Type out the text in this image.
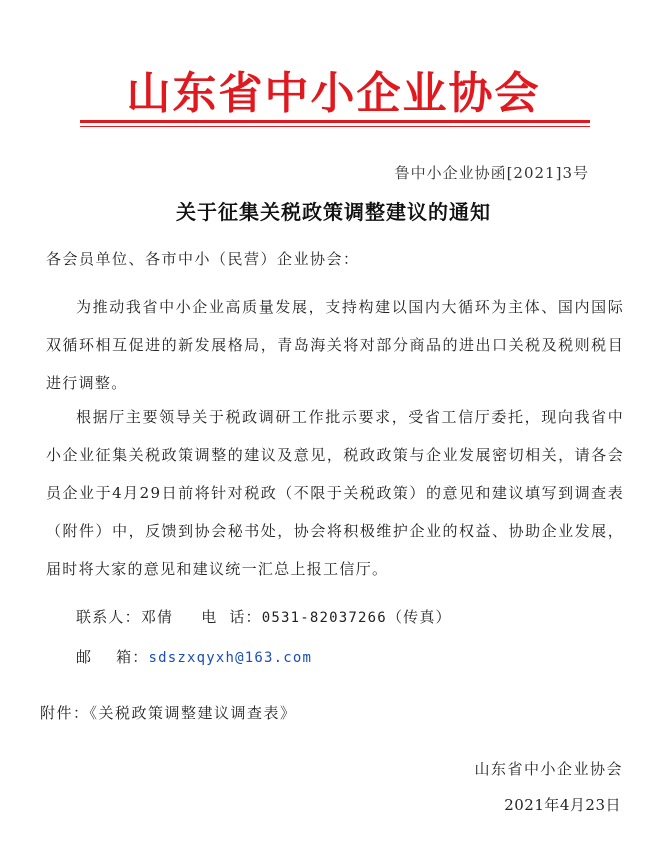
山东省中小企业协会
鲁中小企业协函[2021]3号
关于征集关税政策调整建议的通知
各会员单位、各市中小（民营）企业协会：

为推动我省中小企业高质量发展，支持构建以国内大循环为主体、国内国际双循环相互促进的新发展格局，青岛海关将对部分商品的进出口关税及税则税目进行调整。

根据厅主要领导关于税政调研工作批示要求，受省工信厅委托，现向我省中小企业征集关税政策调整的建议及意见，税政政策与企业发展密切相关，请各会员企业于4月29日前将针对税政（不限于关税政策）的意见和建议填写到调查表（附件）中，反馈到协会秘书处，协会将积极维护企业的权益、协助企业发展，届时将大家的意见和建议统一汇总上报工信厅。

联系人：邓倩 电  话：0531-82037266（传真）
邮    箱：sdszxqyxh@163.com
附件：《关税政策调整建议调查表》
山东省中小企业协会
2021年4月23日
